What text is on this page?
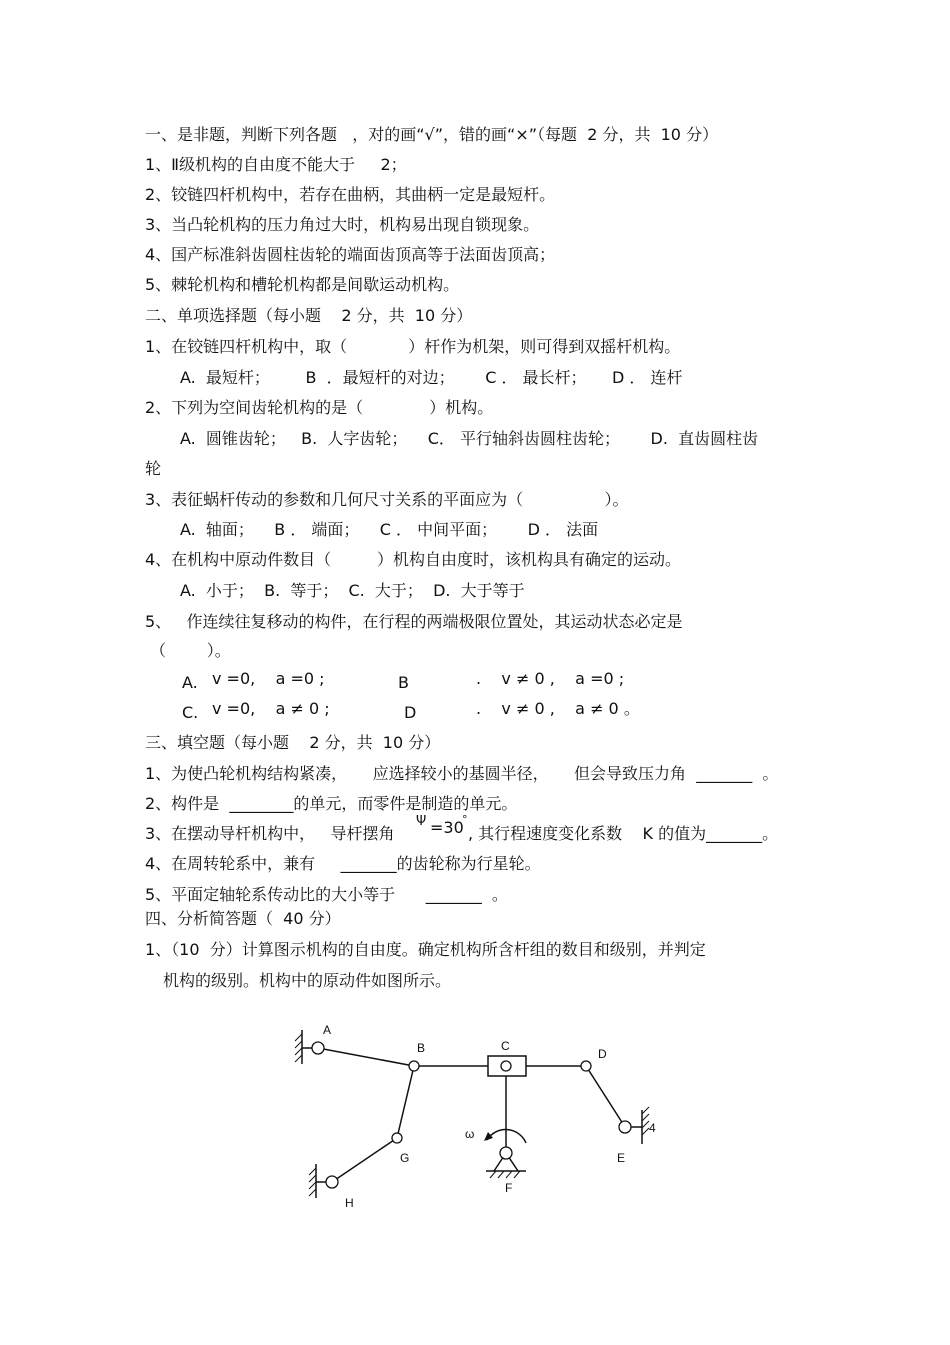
一、是非题，判断下列各题   ，对的画“√”，错的画“×”（每题  2 分，共  10 分）
1、Ⅱ级机构的自由度不能大于     2；
2、铰链四杆机构中，若存在曲柄，其曲柄一定是最短杆。
3、当凸轮机构的压力角过大时，机构易出现自锁现象。
4、国产标准斜齿圆柱齿轮的端面齿顶高等于法面齿顶高；
5、棘轮机构和槽轮机构都是间歇运动机构。
二、单项选择题（每小题    2 分，共  10 分）
1、在铰链四杆机构中，取（            ）杆作为机架，则可得到双摇杆机构。
A.  最短杆；       B  ．最短杆的对边；      C ． 最长杆；     D ． 连杆
2、下列为空间齿轮机构的是（             ）机构。
A.  圆锥齿轮；   B.  人字齿轮；    C． 平行轴斜齿圆柱齿轮；      D.  直齿圆柱齿
轮
3、表征蜗杆传动的参数和几何尺寸关系的平面应为（                ）。
A.  轴面；    B ． 端面；    C ． 中间平面；      D ． 法面
4、在机构中原动件数目（         ）机构自由度时，该机构具有确定的运动。
A.  小于；  B.  等于；  C.  大于；  D.  大于等于
5、   作连续往复移动的构件，在行程的两端极限位置处，其运动状态必定是
（        ）。
A. v =0,    a =0 ;	B	.    v ≠ 0 ,    a =0 ;
C. v =0,    a ≠ 0 ;	D	.    v ≠ 0 ,    a ≠ 0 。
三、填空题（每小题    2 分，共  10 分）
1、为使凸轮机构结构紧凑，     应选择较小的基圆半径，     但会导致压力角  _______  。
2、构件是  ________的单元，而零件是制造的单元。
3、在摆动导杆机构中，   导杆摆角
Ψ =30
°
, 其行程速度变化系数    K 的值为_______。
4、在周转轮系中，兼有     _______的齿轮称为行星轮。
5、平面定轴轮系传动比的大小等于      _______  。
四、分析简答题（  40 分）
1、（10  分）计算图示机构的自由度。确定机构所含杆组的数目和级别，并判定
机构的级别。机构中的原动件如图所示。
A
B	C
D
E
F
G
H
4
ω
